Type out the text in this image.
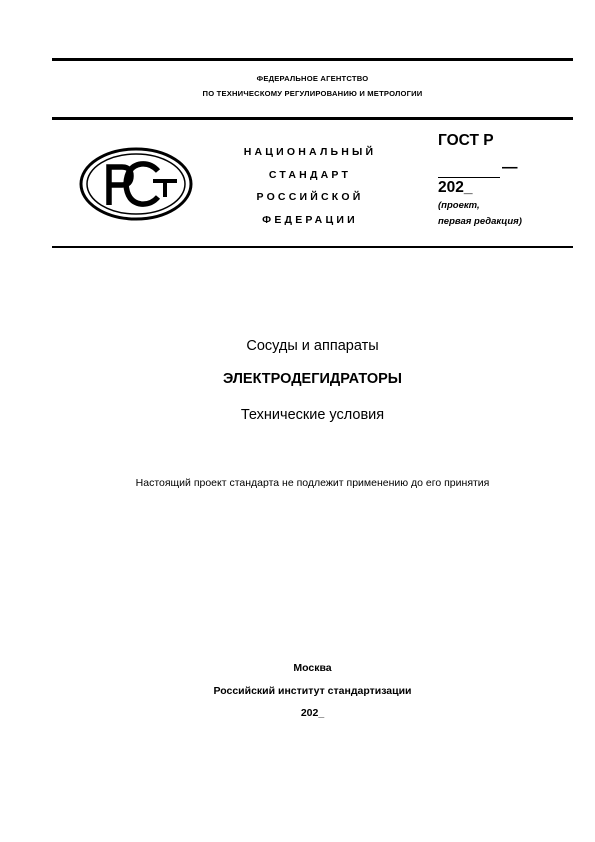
ФЕДЕРАЛЬНОЕ АГЕНТСТВО
ПО ТЕХНИЧЕСКОМУ РЕГУЛИРОВАНИЮ И МЕТРОЛОГИИ
НАЦИОНАЛЬНЫЙ
СТАНДАРТ
РОССИЙСКОЙ
ФЕДЕРАЦИИ
ГОСТ Р
—
202_
(проект,
первая редакция)
Сосуды и аппараты
ЭЛЕКТРОДЕГИДРАТОРЫ
Технические условия
Настоящий проект стандарта не подлежит применению до его принятия
Москва
Российский институт стандартизации
202_
